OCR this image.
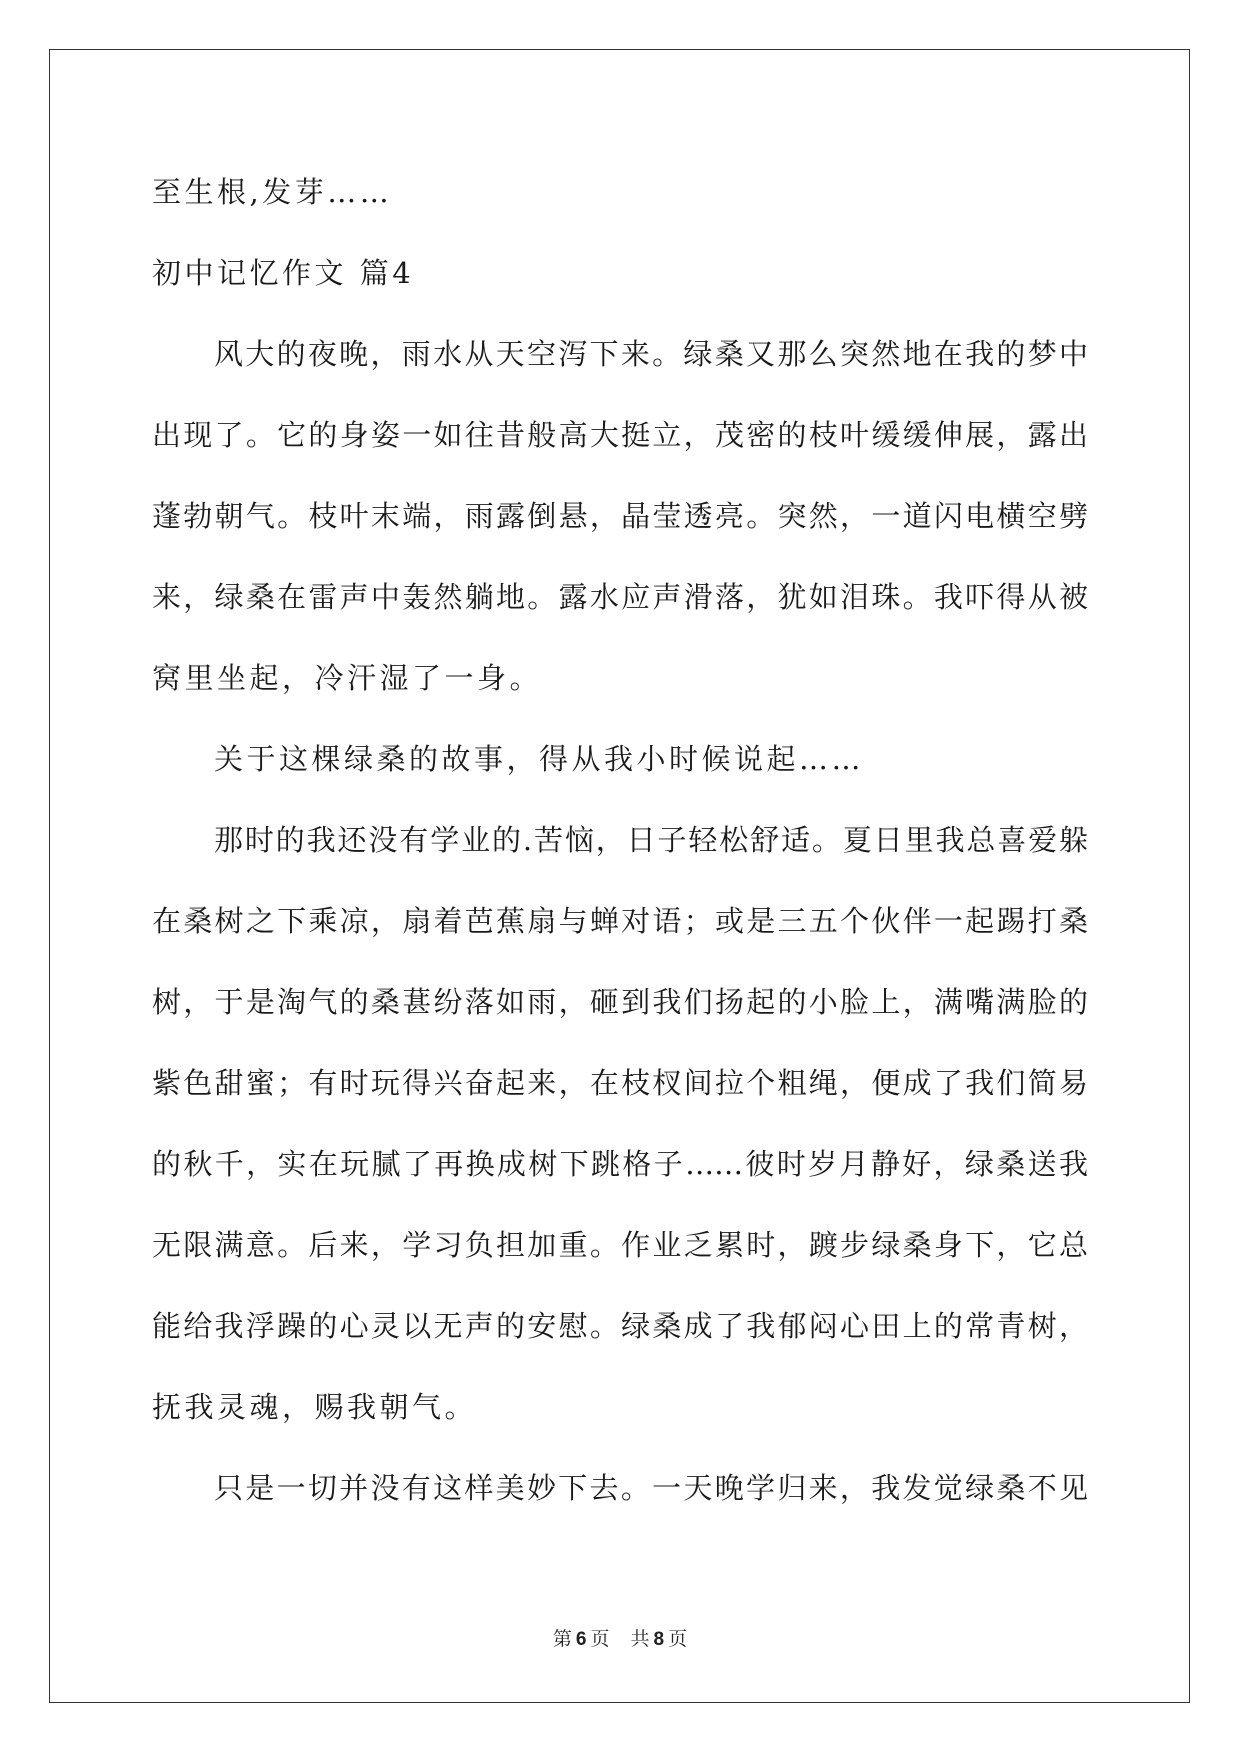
至生根,发芽……
初中记忆作文 篇4
风大的夜晚，雨水从天空泻下来。绿桑又那么突然地在我的梦中
出现了。它的身姿一如往昔般高大挺立，茂密的枝叶缓缓伸展，露出
蓬勃朝气。枝叶末端，雨露倒悬，晶莹透亮。突然，一道闪电横空劈
来，绿桑在雷声中轰然躺地。露水应声滑落，犹如泪珠。我吓得从被
窝里坐起，冷汗湿了一身。
关于这棵绿桑的故事，得从我小时候说起……
那时的我还没有学业的.苦恼，日子轻松舒适。夏日里我总喜爱躲
在桑树之下乘凉，扇着芭蕉扇与蝉对语；或是三五个伙伴一起踢打桑
树，于是淘气的桑葚纷落如雨，砸到我们扬起的小脸上，满嘴满脸的
紫色甜蜜；有时玩得兴奋起来，在枝杈间拉个粗绳，便成了我们简易
的秋千，实在玩腻了再换成树下跳格子……彼时岁月静好，绿桑送我
无限满意。后来，学习负担加重。作业乏累时，踱步绿桑身下，它总
能给我浮躁的心灵以无声的安慰。绿桑成了我郁闷心田上的常青树，
抚我灵魂，赐我朝气。
只是一切并没有这样美妙下去。一天晚学归来，我发觉绿桑不见
第 6 页 共 8 页
